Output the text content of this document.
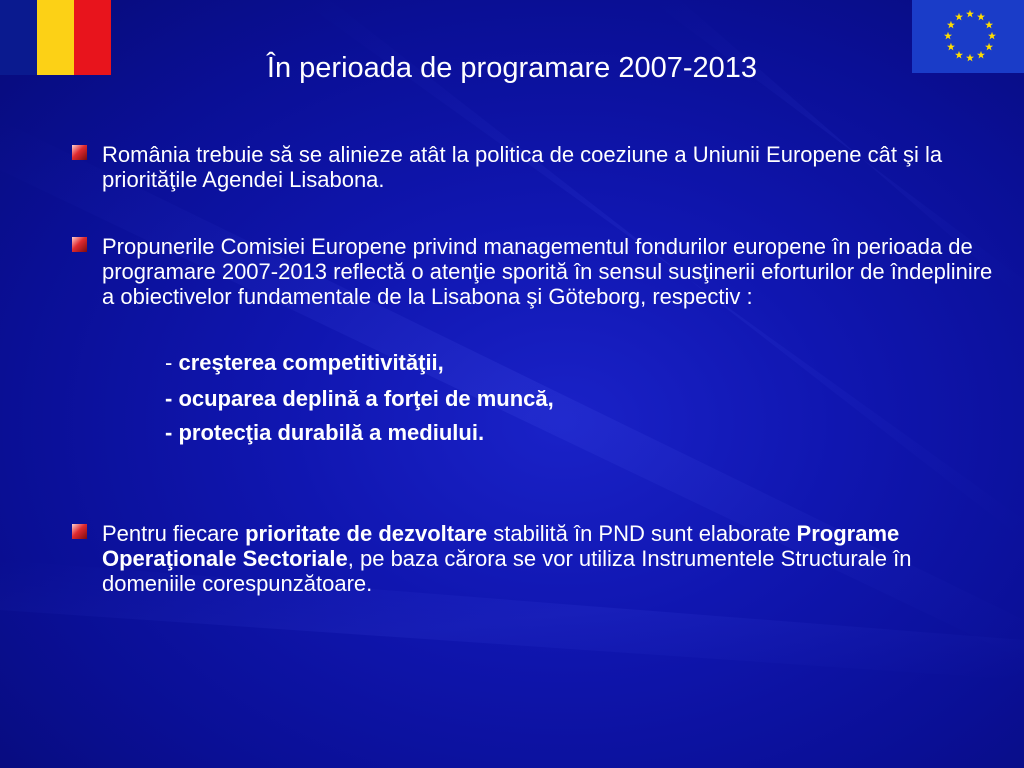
În perioada de programare 2007-2013
România trebuie să se alinieze atât la politica de coeziune a Uniunii Europene cât şi la priorităţile Agendei Lisabona.
Propunerile Comisiei Europene privind managementul fondurilor europene în perioada de programare 2007-2013 reflectă o atenţie sporită în sensul susţinerii eforturilor de îndeplinire a obiectivelor fundamentale de la Lisabona şi Göteborg, respectiv :
- creşterea competitivităţii,
- ocuparea deplină a forţei de muncă,
- protecţia durabilă a mediului.
Pentru fiecare prioritate de dezvoltare stabilită în PND sunt elaborate Programe Operaţionale Sectoriale, pe baza cărora se vor utiliza Instrumentele Structurale în domeniile corespunzătoare.
